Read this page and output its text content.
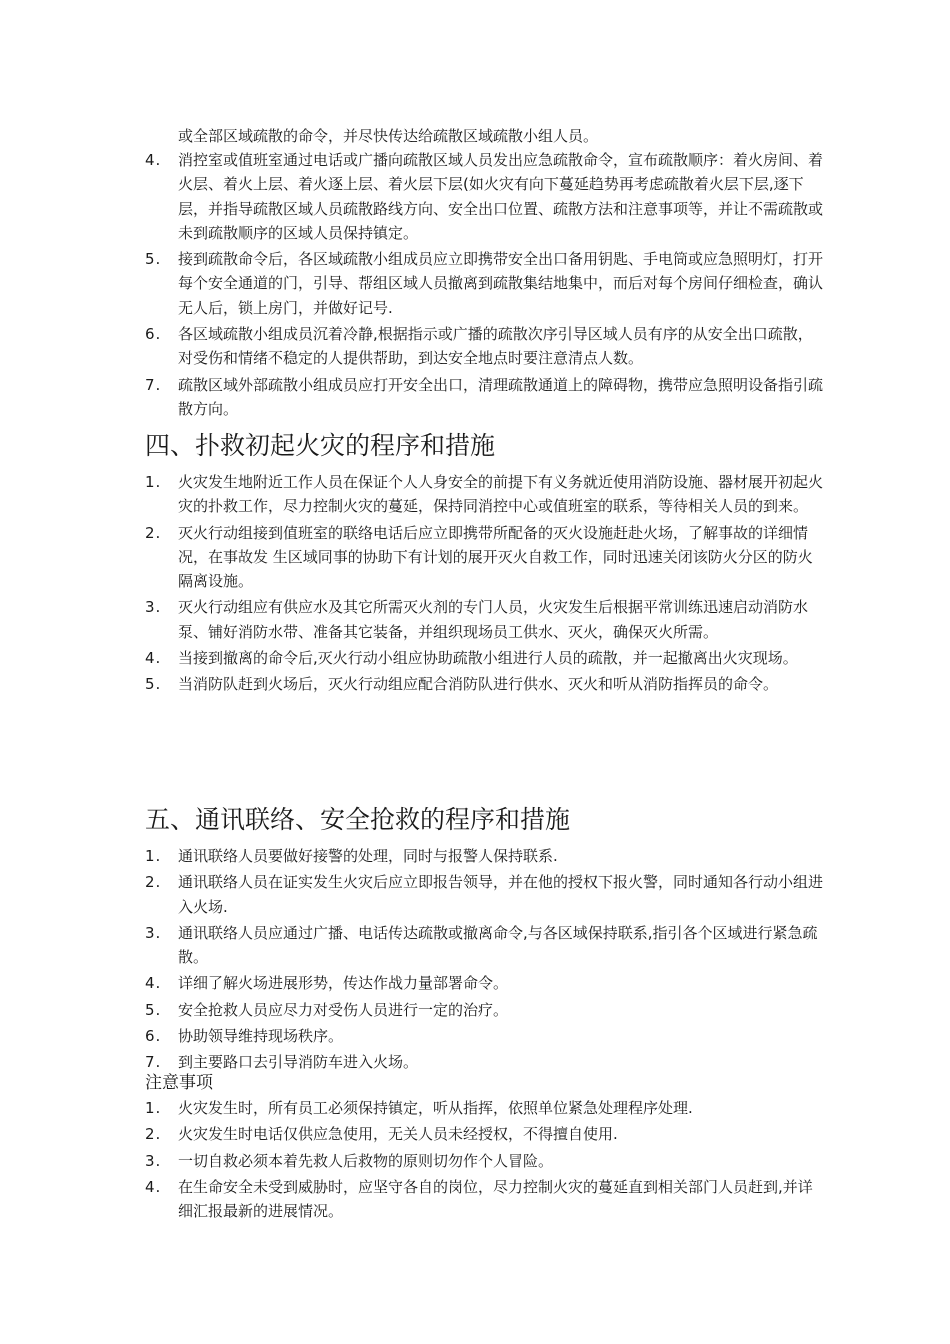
或全部区域疏散的命令，并尽快传达给疏散区域疏散小组人员。

4. 消控室或值班室通过电话或广播向疏散区域人员发出应急疏散命令，宣布疏散顺序：着火房间、着火层、着火上层、着火逐上层、着火层下层(如火灾有向下蔓延趋势再考虑疏散着火层下层,逐下层，并指导疏散区域人员疏散路线方向、安全出口位置、疏散方法和注意事项等，并让不需疏散或未到疏散顺序的区域人员保持镇定。
5. 接到疏散命令后，各区域疏散小组成员应立即携带安全出口备用钥匙、手电筒或应急照明灯，打开每个安全通道的门，引导、帮组区域人员撤离到疏散集结地集中，而后对每个房间仔细检查，确认无人后，锁上房门，并做好记号.
6. 各区域疏散小组成员沉着冷静,根据指示或广播的疏散次序引导区域人员有序的从安全出口疏散，对受伤和情绪不稳定的人提供帮助，到达安全地点时要注意清点人数。
7. 疏散区域外部疏散小组成员应打开安全出口，清理疏散通道上的障碍物，携带应急照明设备指引疏散方向。
四、扑救初起火灾的程序和措施
1. 火灾发生地附近工作人员在保证个人人身安全的前提下有义务就近使用消防设施、器材展开初起火灾的扑救工作，尽力控制火灾的蔓延，保持同消控中心或值班室的联系，等待相关人员的到来。
2. 灭火行动组接到值班室的联络电话后应立即携带所配备的灭火设施赶赴火场，了解事故的详细情况，在事故发 生区域同事的协助下有计划的展开灭火自救工作，同时迅速关闭该防火分区的防火隔离设施。
3. 灭火行动组应有供应水及其它所需灭火剂的专门人员，火灾发生后根据平常训练迅速启动消防水泵、铺好消防水带、准备其它装备，并组织现场员工供水、灭火，确保灭火所需。
4. 当接到撤离的命令后,灭火行动小组应协助疏散小组进行人员的疏散，并一起撤离出火灾现场。
5. 当消防队赶到火场后，灭火行动组应配合消防队进行供水、灭火和听从消防指挥员的命令。
五、通讯联络、安全抢救的程序和措施
1. 通讯联络人员要做好接警的处理，同时与报警人保持联系.
2. 通讯联络人员在证实发生火灾后应立即报告领导，并在他的授权下报火警，同时通知各行动小组进入火场.
3. 通讯联络人员应通过广播、电话传达疏散或撤离命令,与各区域保持联系,指引各个区域进行紧急疏散。
4. 详细了解火场进展形势，传达作战力量部署命令。
5. 安全抢救人员应尽力对受伤人员进行一定的治疗。
6. 协助领导维持现场秩序。
7. 到主要路口去引导消防车进入火场。
注意事项
1. 火灾发生时，所有员工必须保持镇定，听从指挥，依照单位紧急处理程序处理.
2. 火灾发生时电话仅供应急使用，无关人员未经授权，不得擅自使用.
3. 一切自救必须本着先救人后救物的原则切勿作个人冒险。
4. 在生命安全未受到威胁时，应坚守各自的岗位，尽力控制火灾的蔓延直到相关部门人员赶到,并详细汇报最新的进展情况。
